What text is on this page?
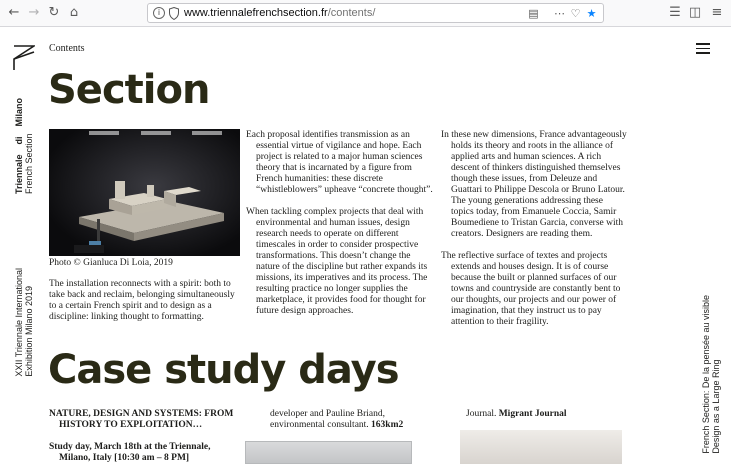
← → ↻ ⌂	i	www.triennalefrenchsection.fr/contents/	▤ ⋯ ♡ ★	☰ ◫ ≡
Contents
Triennale    di    Milano
French Section
XXII Triennale International
Exhibition Milano 2019	French Section: De la pensée au visible
Design as a Large Ring
Section
Photo © Gianluca Di Loia, 2019

The installation reconnects with a spirit: both to take back and reclaim, belonging simultaneously to a certain French spirit and to design as a discipline: linking thought to formatting.

Each proposal identifies transmission as an essential virtue of vigilance and hope. Each project is related to a major human sciences theory that is incarnated by a figure from French humanities: these discrete “whistleblowers” upheave “concrete thought”.

When tackling complex projects that deal with environmental and human issues, design research needs to operate on different timescales in order to consider prospective transformations. This doesn’t change the nature of the discipline but rather expands its missions, its imperatives and its process. The resulting practice no longer supplies the marketplace, it provides food for thought for future design approaches.

In these new dimensions, France advantageously holds its theory and roots in the alliance of applied arts and human sciences. A rich descent of thinkers distinguished themselves though these issues, from Deleuze and Guattari to Philippe Descola or Bruno Latour. The young generations addressing these topics today, from Emanuele Coccia, Samir Boumediene to Tristan Garcia, converse with creators. Designers are reading them.

The reflective surface of textes and projects extends and houses design. It is of course because the built or planned surfaces of our towns and countryside are constantly bent to our thoughts, our projects and our power of imagination, that they instruct us to pay attention to their fragility.

Case study days

NATURE, DESIGN AND SYSTEMS: FROM HISTORY TO EXPLOITATION…

Study day, March 18th at the Triennale, Milano, Italy [10:30 am – 8 PM]

developer and Pauline Briand, environmental consultant. 163km2
Journal. Migrant Journal
